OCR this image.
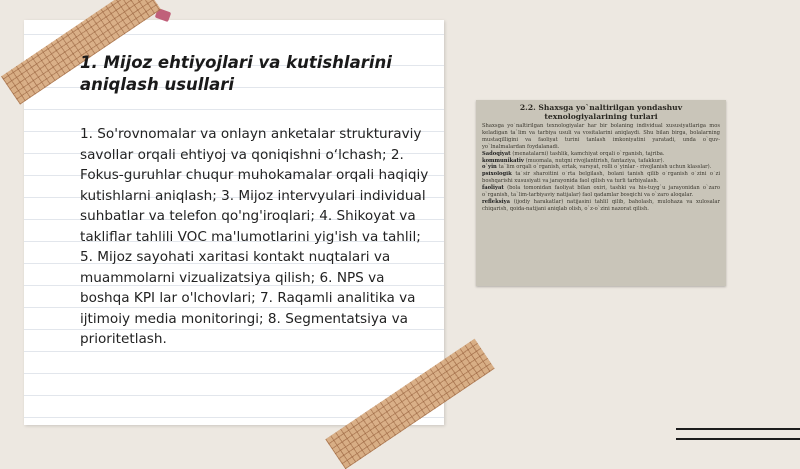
1. Mijoz ehtiyojlari va kutishlarini aniqlash usullari

1. So'rovnomalar va onlayn anketalar strukturaviy savollar orqali ehtiyoj va qoniqishni o‘lchash; 2. Fokus-guruhlar chuqur muhokamalar orqali haqiqiy kutishlarni aniqlash; 3. Mijoz intervyulari individual suhbatlar va telefon qo'ng'iroqlari; 4. Shikoyat va takliflar tahlili VOC ma'lumotlarini yig'ish va tahlil; 5. Mijoz sayohati xaritasi kontakt nuqtalari va muammolarni vizualizatsiya qilish; 6. NPS va boshqa KPI lar o'lchovlari; 7. Raqamli analitika va ijtimoiy media monitoringi; 8. Segmentatsiya va prioritetlash.

2.2. Shaxsga yo`naltirilgan yondashuv texnologiyalarining turlari

Shaxsga yo`naltirilgan texnologiyalar har bir bolaning individual xususiyatlariga mos keladigan ta`lim va tarbiya usuli va vositalarini aniqlaydi. Shu bilan birga, bolalarning mustaqilligini va faoliyat turini tanlash imkoniyatini yaratadi, unda o`quv-yo`lnalmalardan foydalanadi.

Sadoqiyat (menatalarni) tashlik, kamchiyat orqali o`rganish, tajriba.

kommunikativ (muomala, nutqni rivojlantirish, fantaziya, tafakkur).

o`yin ta`lim orqali o`rganish, ertak, varsyat, rolli o`yinlar - rivojlanish uchun klasslar).

psixologik ta`sir sharoitini o`rta belgilash, bolani tanish qilib o`rganish o`zini o`zi boshqarishi xususiyati va jarayonida faol qilish va turli tarbiyalash.

faoliyat (bola tomonidan faoliyat bilan oxiri, tashki va his-tuyg`u jarayonidan o`zaro o`rganish, ta`lim-tarbiyaviy natijalar) faol qadamlar bosqichi va o`zaro aloqalar.

refleksiya (ijodiy harakatlar) natijasini tahlil qilib, baholash, mulohaza va xulosalar chiqarish, qoida-natijani aniqlab olish, o`z-o`zini nazorat qilish.
